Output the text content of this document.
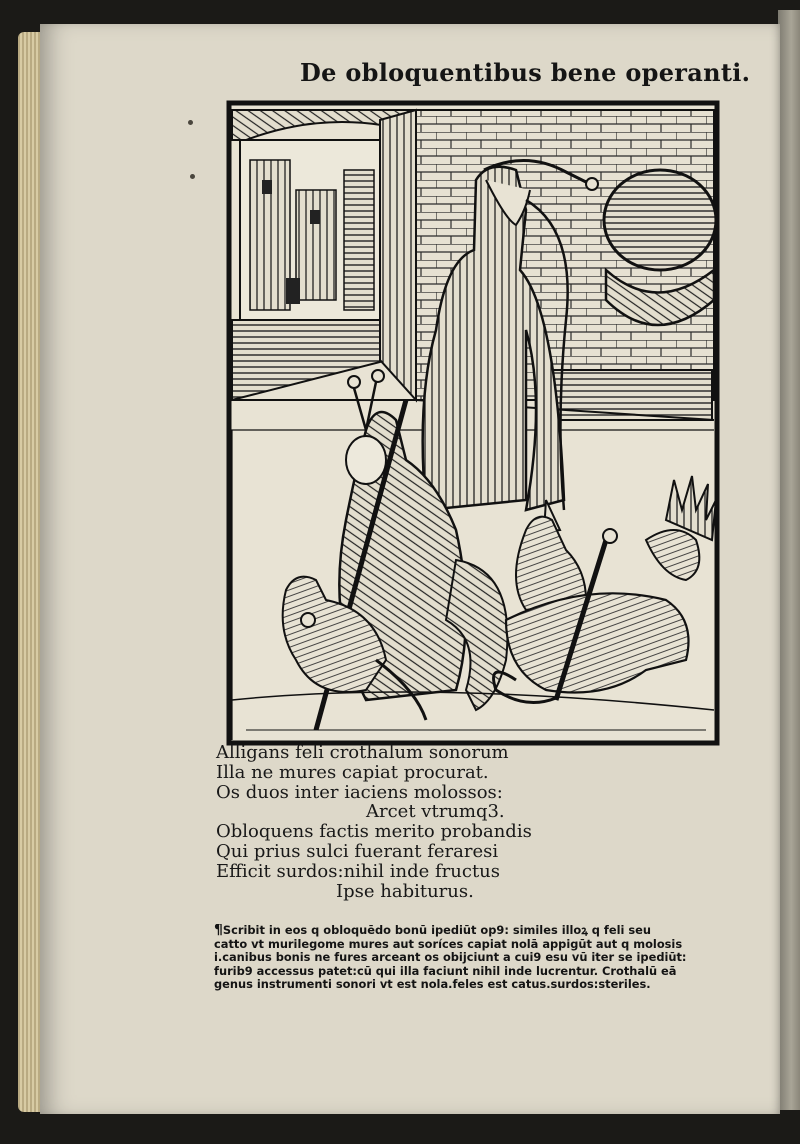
De obloquentibus bene operanti.
Alligans feli crothalum sonorum
Illa ne mures capiat procurat.
Os duos inter iaciens molossos:
Arcet vtrumq3.
Obloquens factis merito probandis
Qui prius sulci fuerant feraresi
Efficit surdos:nihil inde fructus
Ipse habiturus.
¶Scribit in eos q obloquēdo bonū ipediūt op9: similes illoꝝ q feli seu
catto vt murilegome mures aut soríces capiat nolā appigūt aut q molosis
i.canibus bonis ne fures arceant os obijciunt a cui9 esu vū iter se ipediūt:
furib9 accessus patet:cū qui illa faciunt nihil inde lucrentur. Crothalū eā
genus instrumenti sonori vt est nola.feles est catus.surdos:steriles.
